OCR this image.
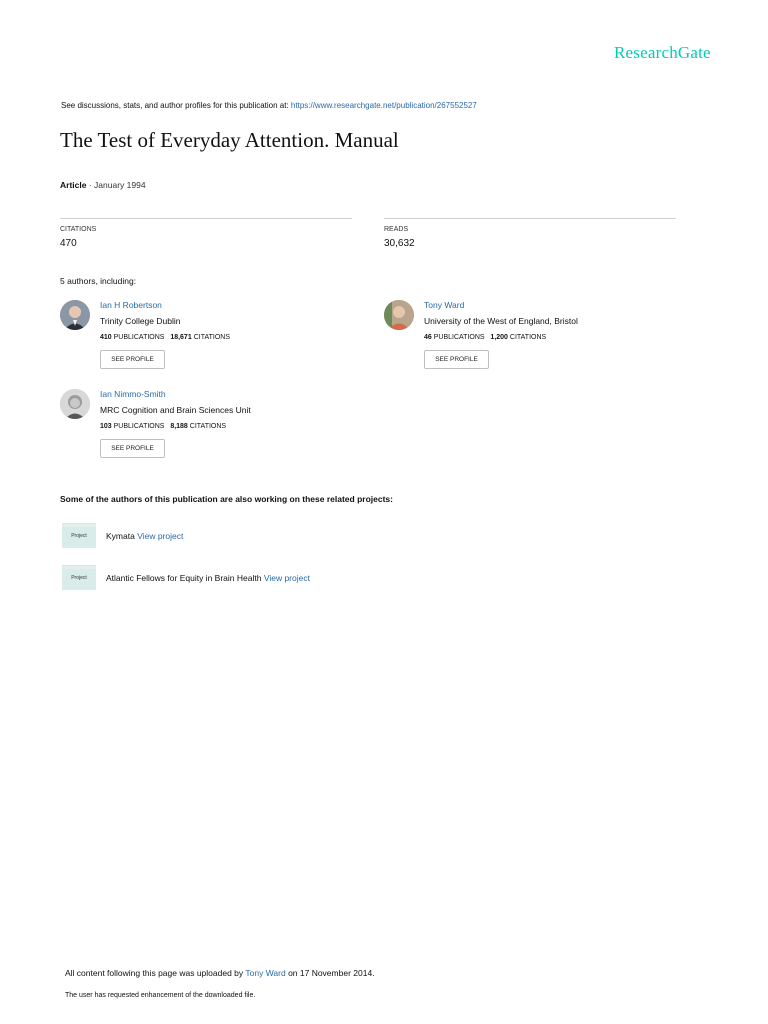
ResearchGate
See discussions, stats, and author profiles for this publication at: https://www.researchgate.net/publication/267552527
The Test of Everyday Attention. Manual
Article · January 1994
CITATIONS
470
READS
30,632
5 authors, including:
Ian H Robertson
Trinity College Dublin
410 PUBLICATIONS 18,671 CITATIONS
SEE PROFILE
Tony Ward
University of the West of England, Bristol
46 PUBLICATIONS 1,200 CITATIONS
SEE PROFILE
Ian Nimmo-Smith
MRC Cognition and Brain Sciences Unit
103 PUBLICATIONS 8,188 CITATIONS
SEE PROFILE
Some of the authors of this publication are also working on these related projects:
Project	Kymata View project
Project	Atlantic Fellows for Equity in Brain Health View project
All content following this page was uploaded by Tony Ward on 17 November 2014.
The user has requested enhancement of the downloaded file.
